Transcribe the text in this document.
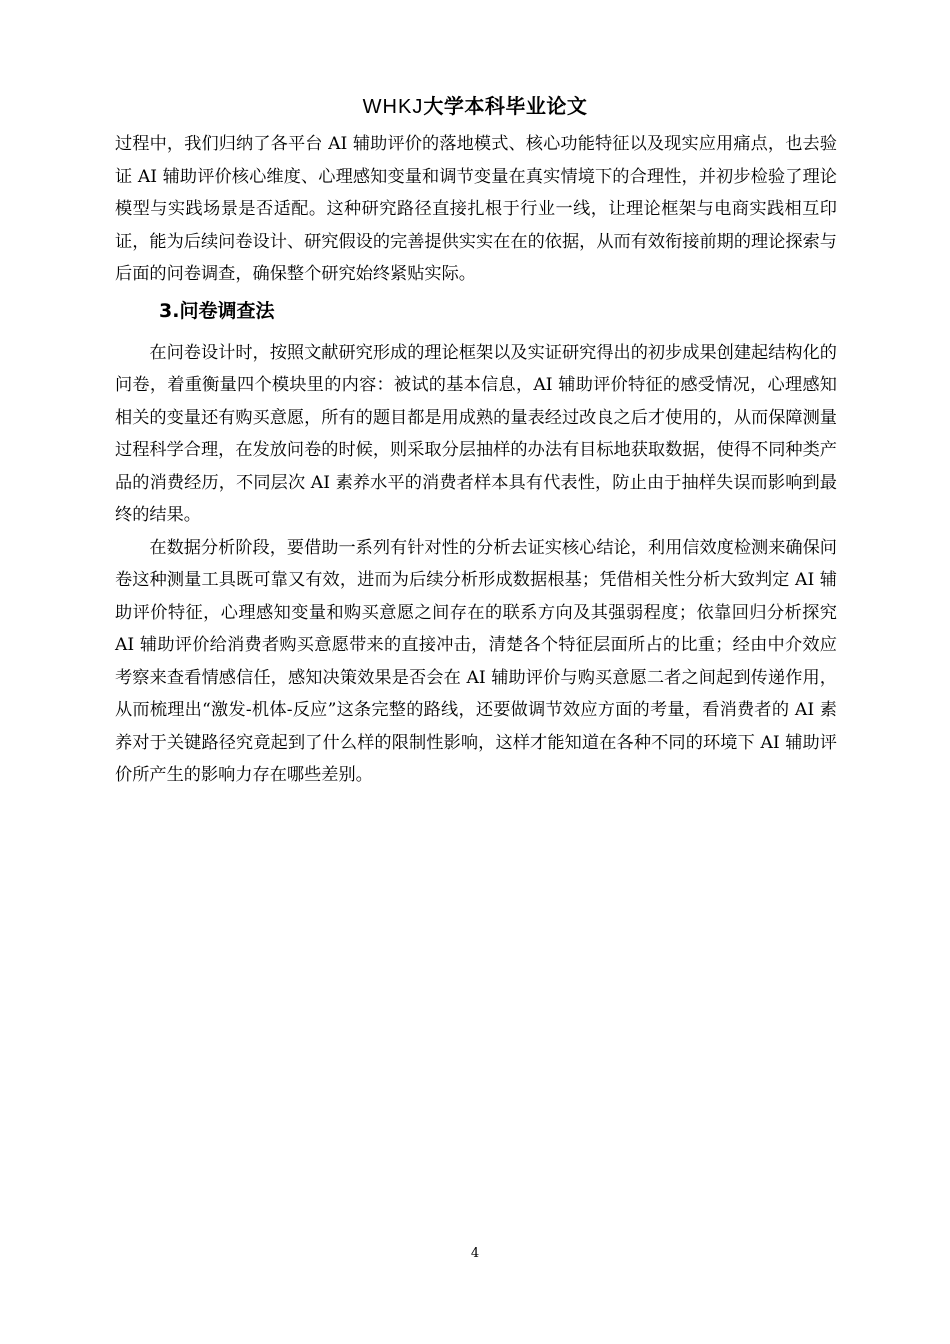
WHKJ大学本科毕业论文

过程中，我们归纳了各平台 AI 辅助评价的落地模式、核心功能特征以及现实应用痛点，也去验证 AI 辅助评价核心维度、心理感知变量和调节变量在真实情境下的合理性，并初步检验了理论模型与实践场景是否适配。这种研究路径直接扎根于行业一线，让理论框架与电商实践相互印证，能为后续问卷设计、研究假设的完善提供实实在在的依据，从而有效衔接前期的理论探索与后面的问卷调查，确保整个研究始终紧贴实际。

3.问卷调查法

在问卷设计时，按照文献研究形成的理论框架以及实证研究得出的初步成果创建起结构化的问卷，着重衡量四个模块里的内容：被试的基本信息，AI 辅助评价特征的感受情况，心理感知相关的变量还有购买意愿，所有的题目都是用成熟的量表经过改良之后才使用的，从而保障测量过程科学合理，在发放问卷的时候，则采取分层抽样的办法有目标地获取数据，使得不同种类产品的消费经历，不同层次 AI 素养水平的消费者样本具有代表性，防止由于抽样失误而影响到最终的结果。

在数据分析阶段，要借助一系列有针对性的分析去证实核心结论，利用信效度检测来确保问卷这种测量工具既可靠又有效，进而为后续分析形成数据根基；凭借相关性分析大致判定 AI 辅助评价特征，心理感知变量和购买意愿之间存在的联系方向及其强弱程度；依靠回归分析探究 AI 辅助评价给消费者购买意愿带来的直接冲击，清楚各个特征层面所占的比重；经由中介效应考察来查看情感信任，感知决策效果是否会在 AI 辅助评价与购买意愿二者之间起到传递作用，从而梳理出“激发-机体-反应”这条完整的路线，还要做调节效应方面的考量，看消费者的 AI 素养对于关键路径究竟起到了什么样的限制性影响，这样才能知道在各种不同的环境下 AI 辅助评价所产生的影响力存在哪些差别。

4
